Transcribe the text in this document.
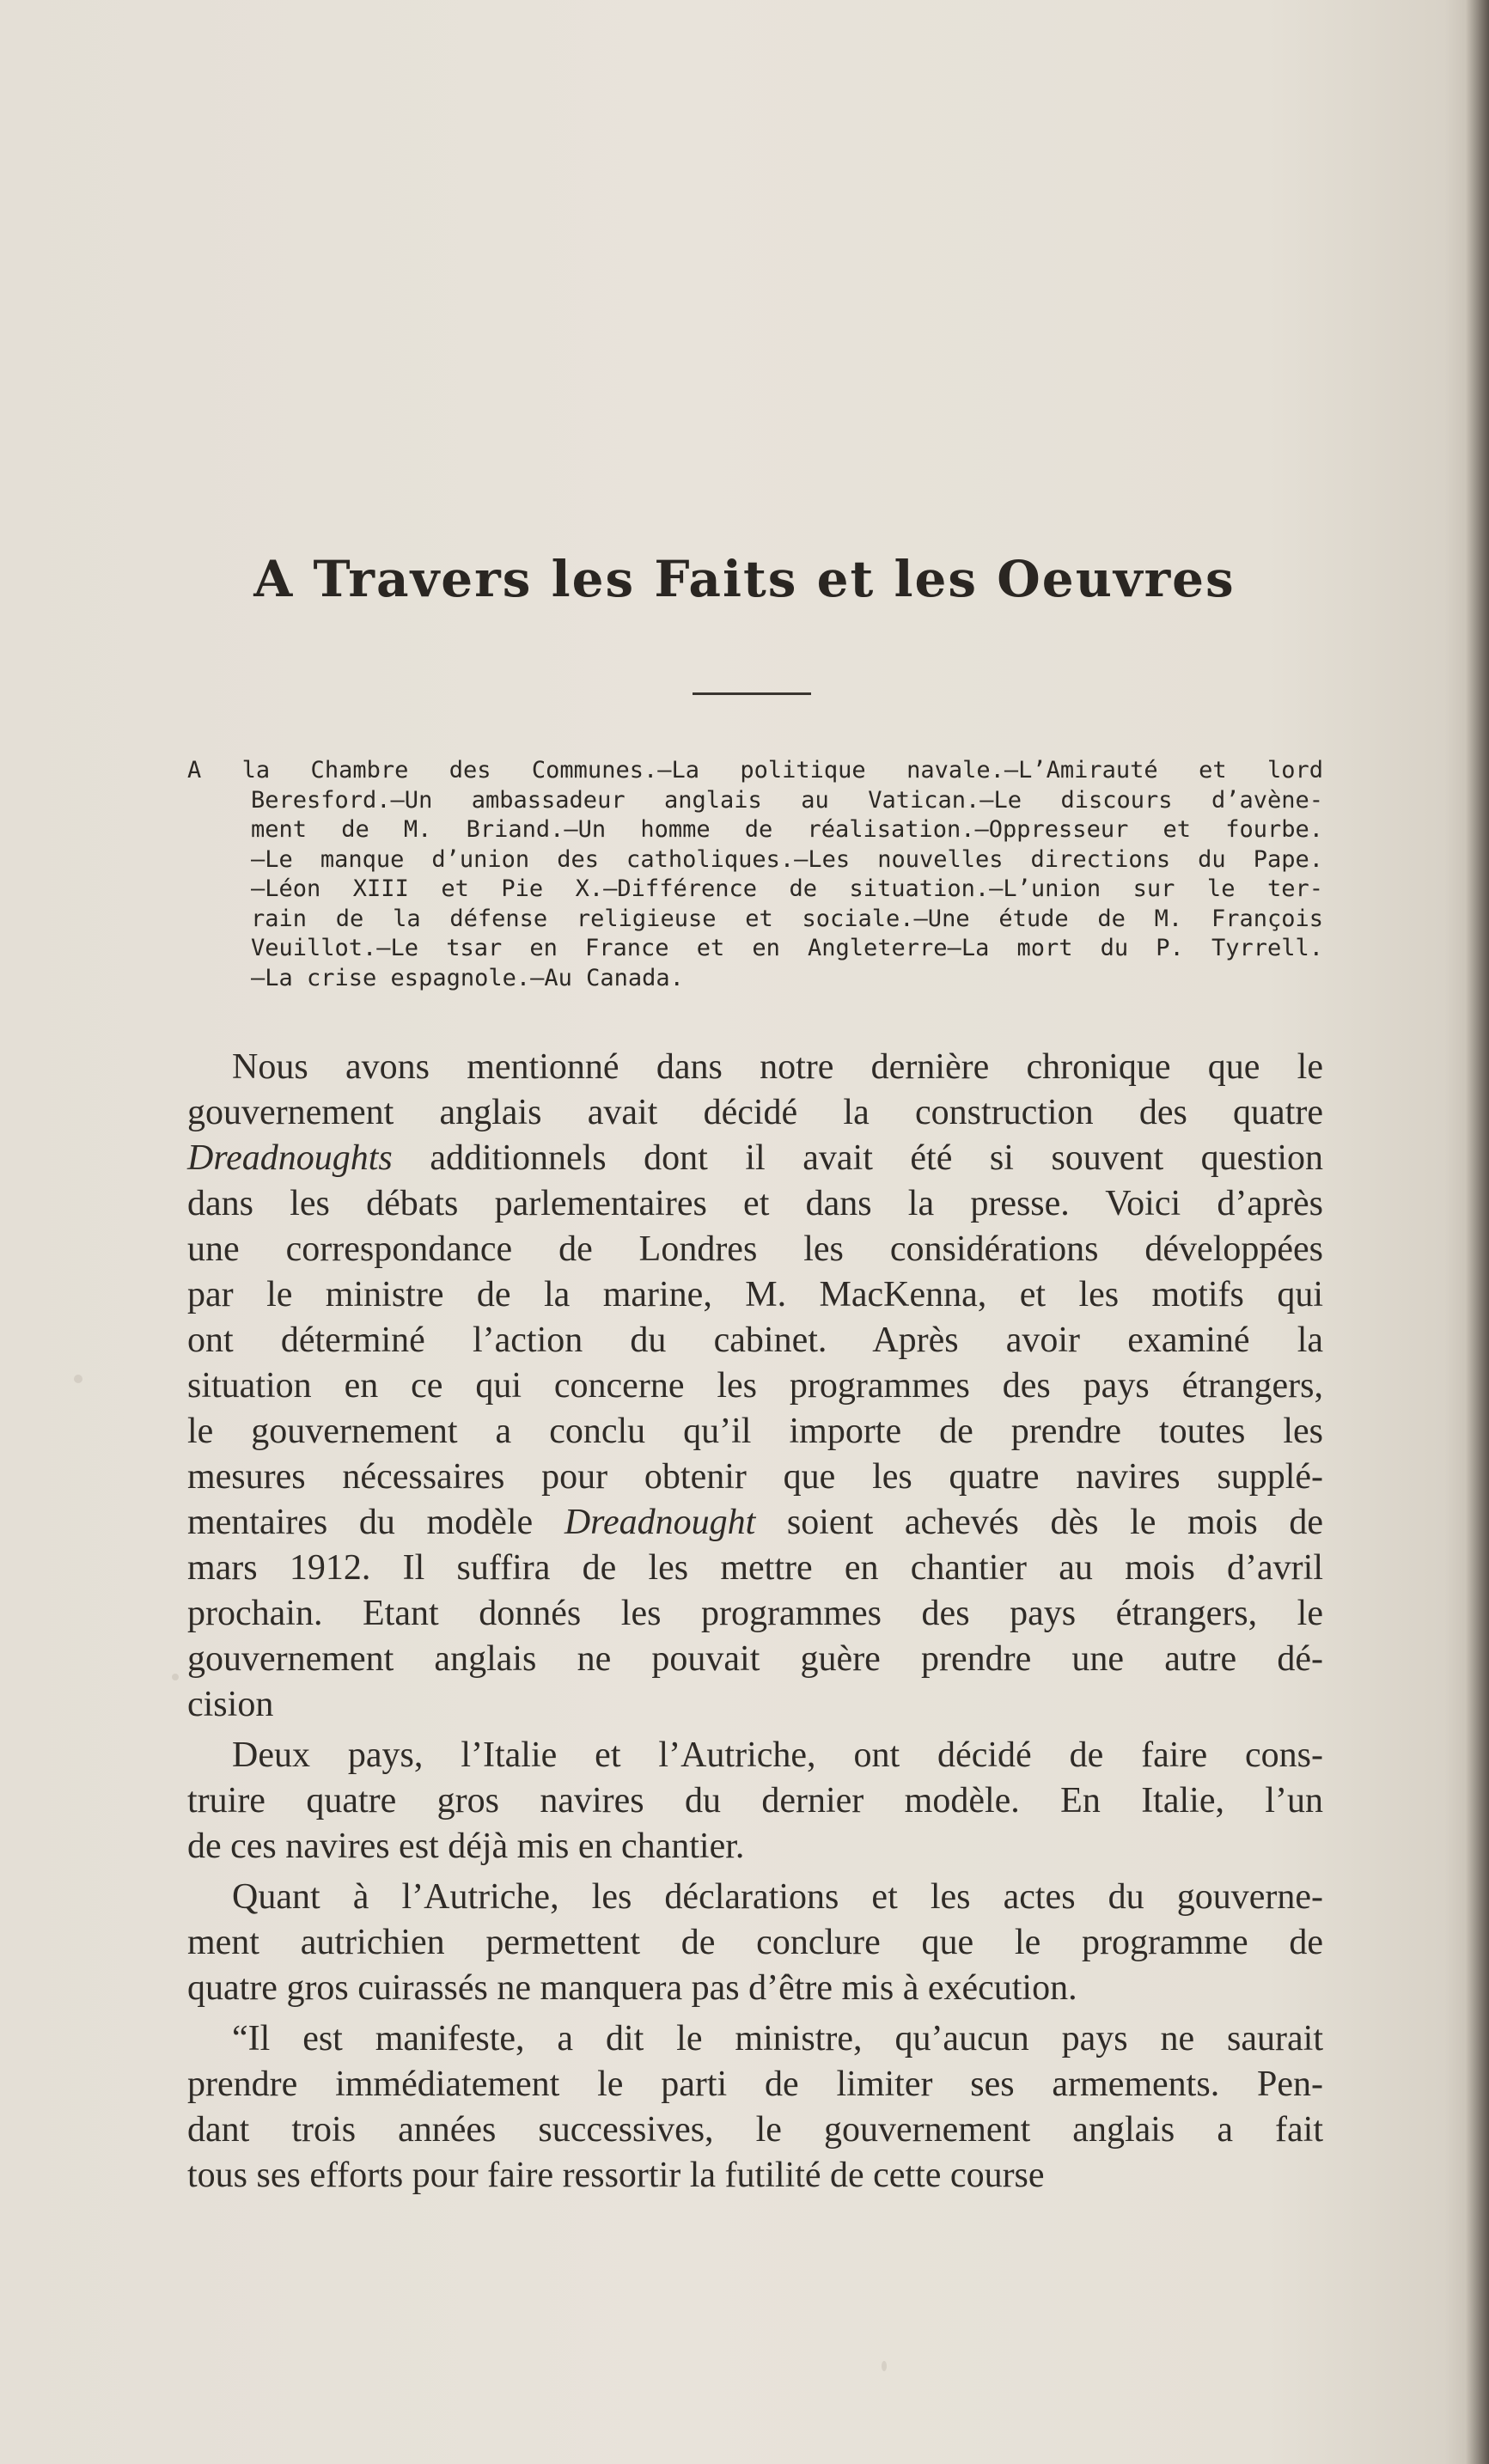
A Travers les Faits et les Oeuvres
A la Chambre des Communes.—La politique navale.—L’Amirauté et lord
Beresford.—Un ambassadeur anglais au Vatican.—Le discours d’avène-
ment de M. Briand.—Un homme de réalisation.—Oppresseur et fourbe.
—Le manque d’union des catholiques.—Les nouvelles directions du Pape.
—Léon XIII et Pie X.—Différence de situation.—L’union sur le ter-
rain de la défense religieuse et sociale.—Une étude de M. François
Veuillot.—Le tsar en France et en Angleterre—La mort du P. Tyrrell.
—La crise espagnole.—Au Canada.
Nous avons mentionné dans notre dernière chronique que le
gouvernement anglais avait décidé la construction des quatre
Dreadnoughts additionnels dont il avait été si souvent question
dans les débats parlementaires et dans la presse. Voici d’après
une correspondance de Londres les considérations développées
par le ministre de la marine, M. MacKenna, et les motifs qui
ont déterminé l’action du cabinet. Après avoir examiné la
situation en ce qui concerne les programmes des pays étrangers,
le gouvernement a conclu qu’il importe de prendre toutes les
mesures nécessaires pour obtenir que les quatre navires supplé-
mentaires du modèle Dreadnought soient achevés dès le mois de
mars 1912. Il suffira de les mettre en chantier au mois d’avril
prochain. Etant donnés les programmes des pays étrangers, le
gouvernement anglais ne pouvait guère prendre une autre dé-
cision
Deux pays, l’Italie et l’Autriche, ont décidé de faire cons-
truire quatre gros navires du dernier modèle. En Italie, l’un
de ces navires est déjà mis en chantier.
Quant à l’Autriche, les déclarations et les actes du gouverne-
ment autrichien permettent de conclure que le programme de
quatre gros cuirassés ne manquera pas d’être mis à exécution.
“Il est manifeste, a dit le ministre, qu’aucun pays ne saurait
prendre immédiatement le parti de limiter ses armements. Pen-
dant trois années successives, le gouvernement anglais a fait
tous ses efforts pour faire ressortir la futilité de cette course
